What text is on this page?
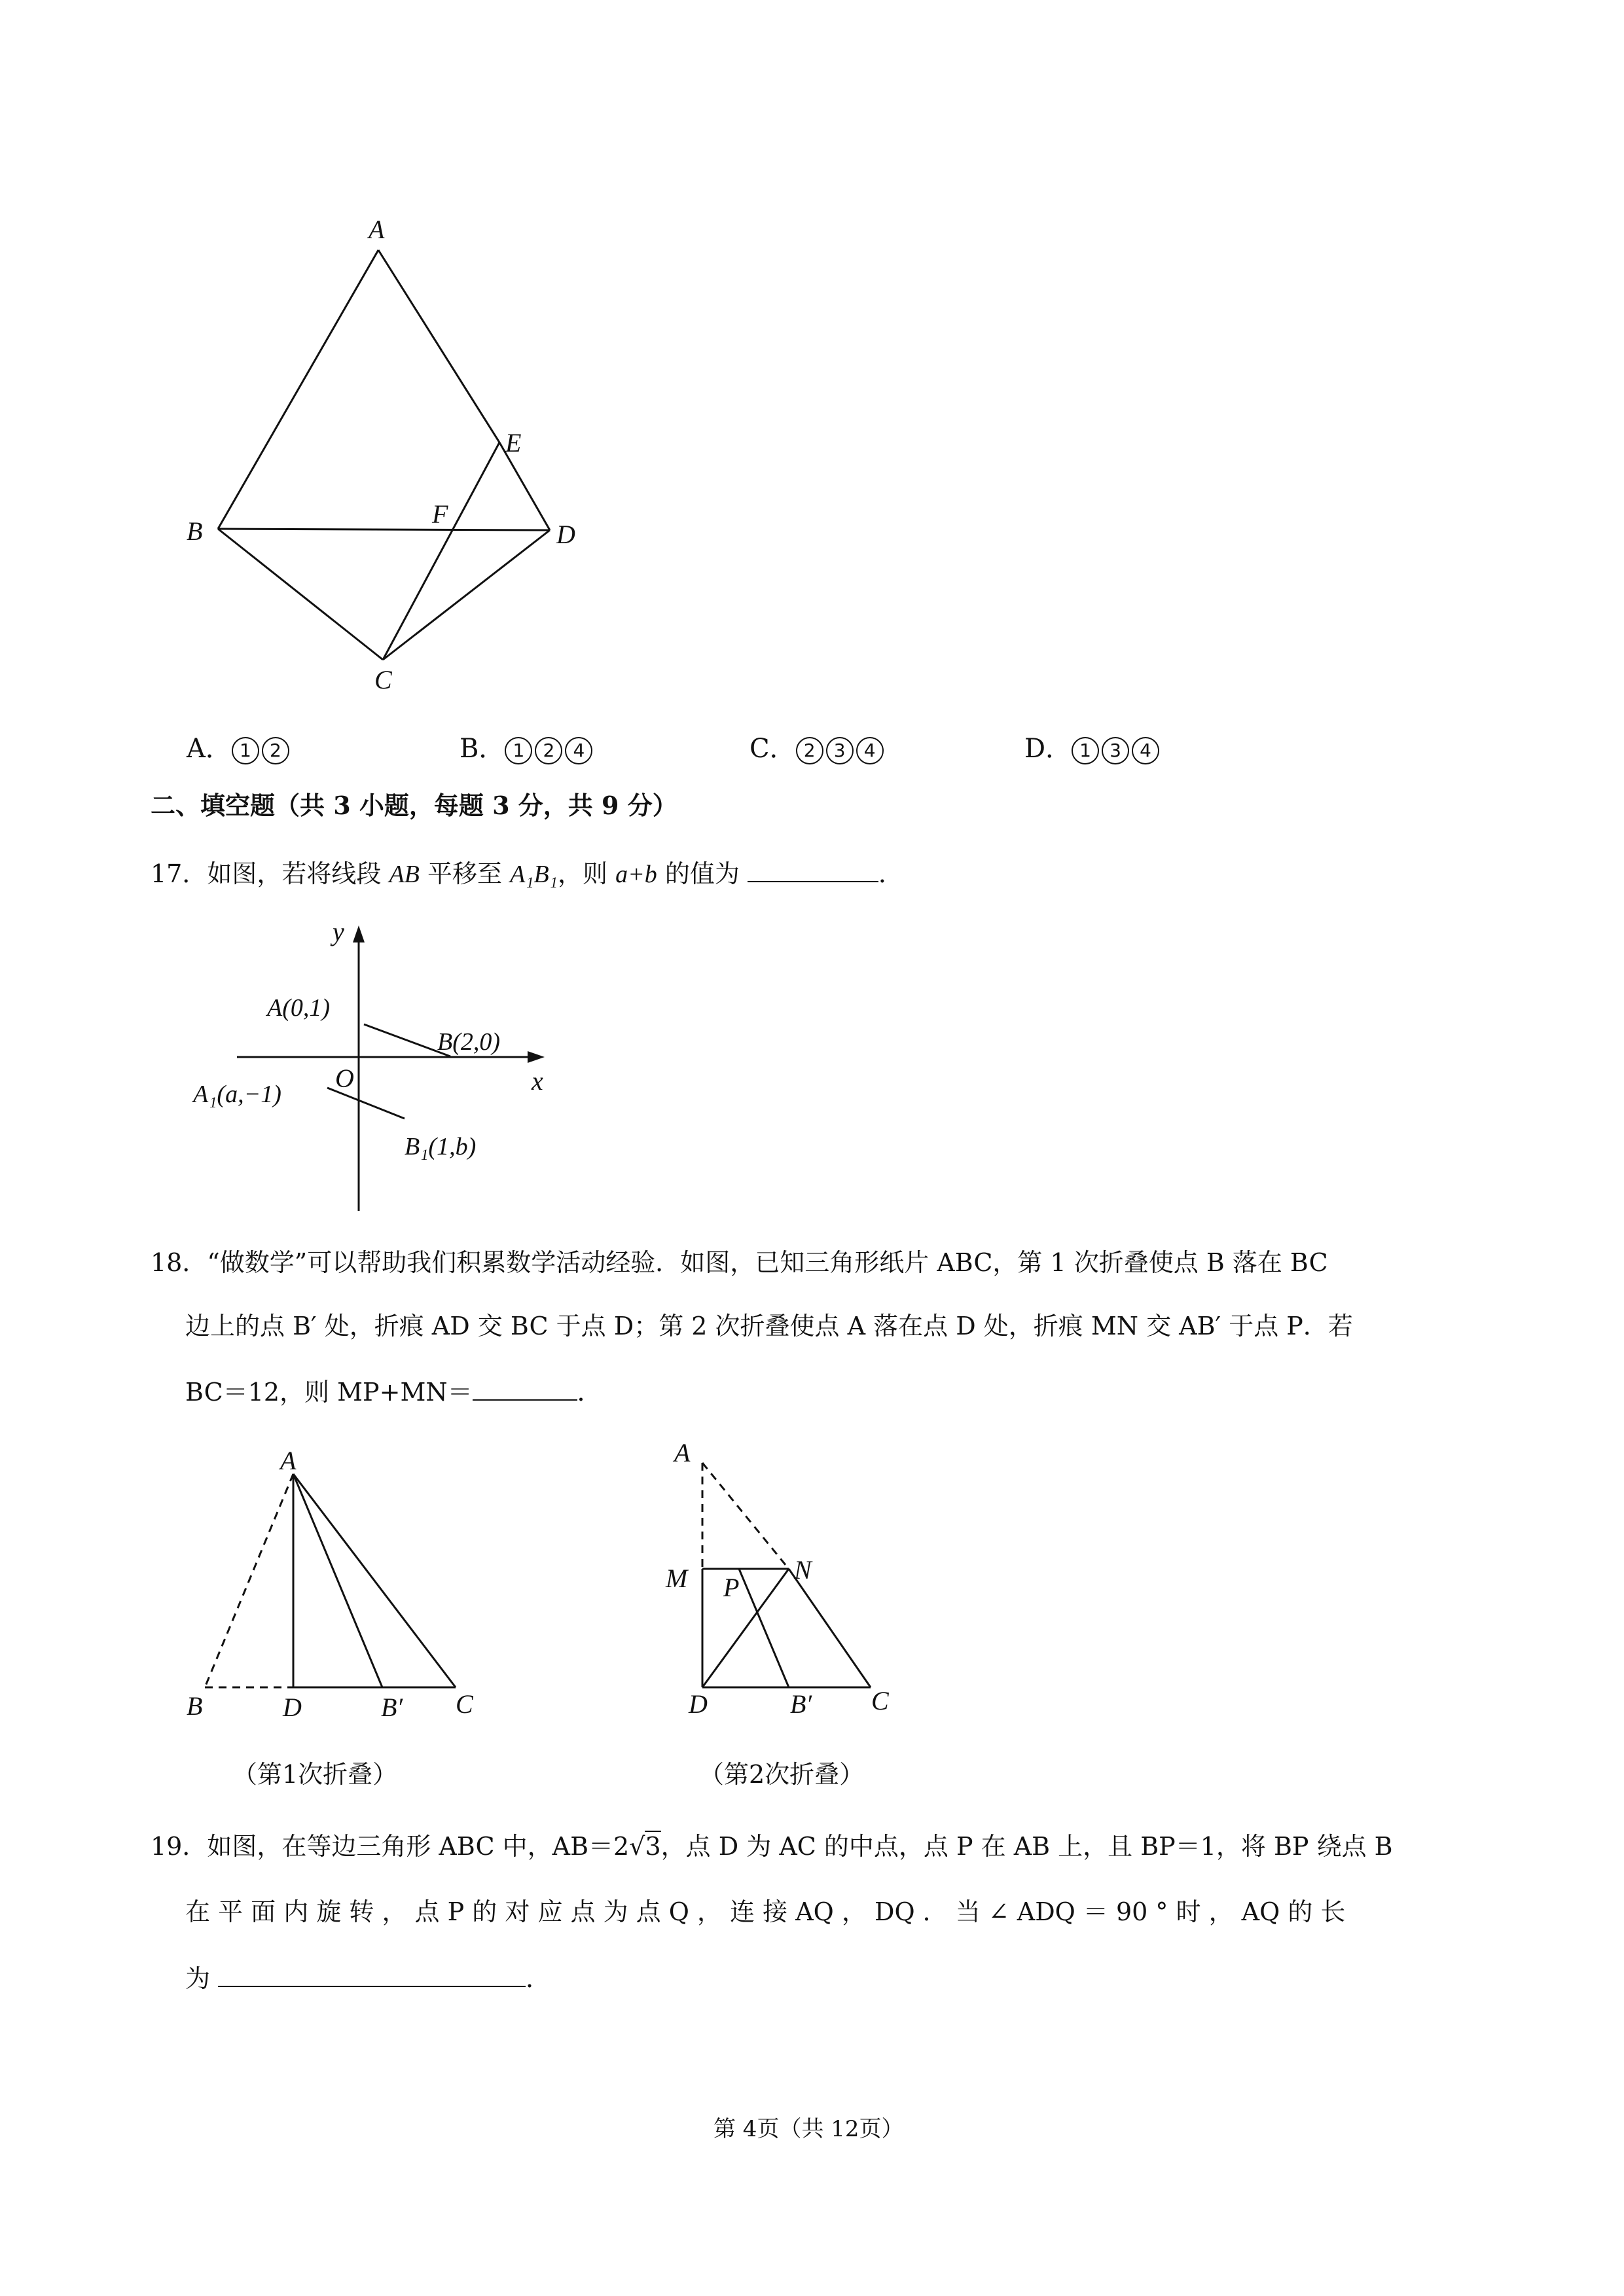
A
E
B
F
D
C
A． 1 2	B． 1 2 4	C． 2 3 4	D． 1 3 4
二、填空题（共 3 小题，每题 3 分，共 9 分）
17．如图，若将线段 AB 平移至 A₁B₁，则 a+b 的值为	．
y
x
O
A(0,1)
B(2,0)
A₁(a,−1)
B₁(1,b)
18．“做数学”可以帮助我们积累数学活动经验．如图，已知三角形纸片 ABC，第 1 次折叠使点 B 落在 BC
边上的点 B′ 处，折痕 AD 交 BC 于点 D；第 2 次折叠使点 A 落在点 D 处，折痕 MN 交 AB′ 于点 P．若
BC＝12，则 MP+MN＝	．
A
B	D	B′ C
（第1次折叠）
A
M	N
P
D	B′ C
（第2次折叠）
19．如图，在等边三角形 ABC 中，AB＝2√3，点 D 为 AC 的中点，点 P 在 AB 上，且 BP＝1，将 BP 绕点 B
在 平 面 内 旋 转 ， 点 P 的 对 应 点 为 点 Q ， 连 接 AQ ， DQ ． 当 ∠ ADQ ＝ 90 ° 时 ， AQ 的 长
为	．
第 4页（共 12页）
